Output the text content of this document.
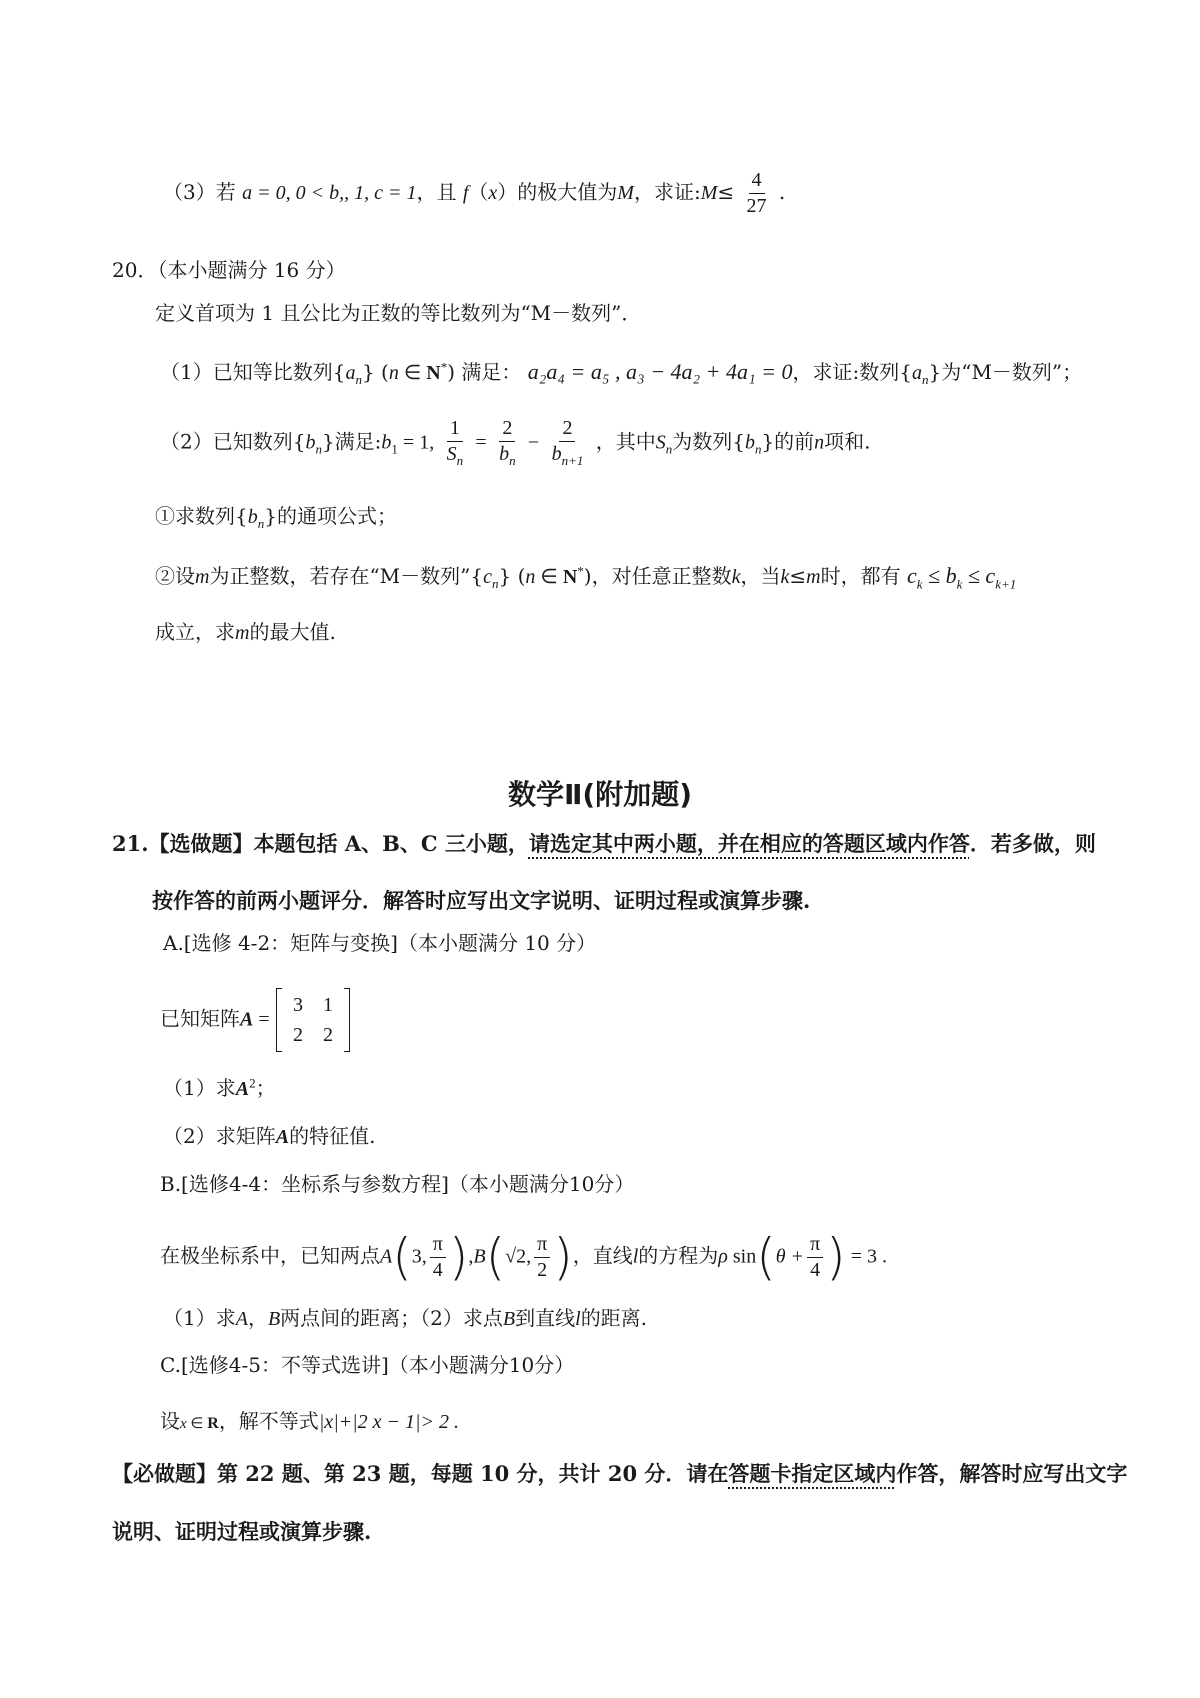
（3）若 a = 0, 0 < b,, 1, c = 1，且 f（x）的极大值为M，求证:M≤ $\frac{4}{27}$ .
20．（本小题满分 16 分）
定义首项为 1 且公比为正数的等比数列为“M－数列”．
（1）已知等比数列$\{a_n\}$ (n ∈ N*) 满足： a₂a₄ = a₅ , a₃ − 4a₂ + 4a₁ = 0，求证:数列$\{a_n\}$为“M－数列”；
（2）已知数列$\{b_n\}$满足$:b_1 = 1$, $\frac{1}{S_n} = \frac{2}{b_n} - \frac{2}{b_{n+1}}$ ，其中$S_n$为数列$\{b_n\}$的前n项和.
①求数列$\{b_n\}$的通项公式；
②设m为正整数，若存在“M－数列$”\{c_n\}$ (n ∈ N*)，对任意正整数k，当k≤m时，都有 $c_k \le b_k \le c_{k+1}$
成立，求m的最大值.
数学Ⅱ(附加题)
21.【选做题】本题包括 A、B、C 三小题，请选定其中两小题，并在相应的答题区域内作答．若多做，则
按作答的前两小题评分．解答时应写出文字说明、证明过程或演算步骤.
A.[选修 4-2：矩阵与变换]（本小题满分 10 分）
已知矩阵A =
3	1
2	2
（1）求$A^2$；
（2）求矩阵A的特征值.
B.[选修4-4：坐标系与参数方程]（本小题满分10分）
在极坐标系中，已知两点A(3, $\frac{\pi}{4} ),B(√2$, $\frac{\pi}{2}$ )，直线l的方程为ρ $\sin(\theta + \frac{\pi}{4}$ ) = 3 .
（1）求A，B两点间的距离；（2）求点B到直线l的距离.
C.[选修4-5：不等式选讲]（本小题满分10分）
设x ∈ R，解不等式|x|+|2 x − 1|> 2 .
【必做题】第 22 题、第 23 题，每题 10 分，共计 20 分．请在答题卡指定区域内作答，解答时应写出文字
说明、证明过程或演算步骤.
